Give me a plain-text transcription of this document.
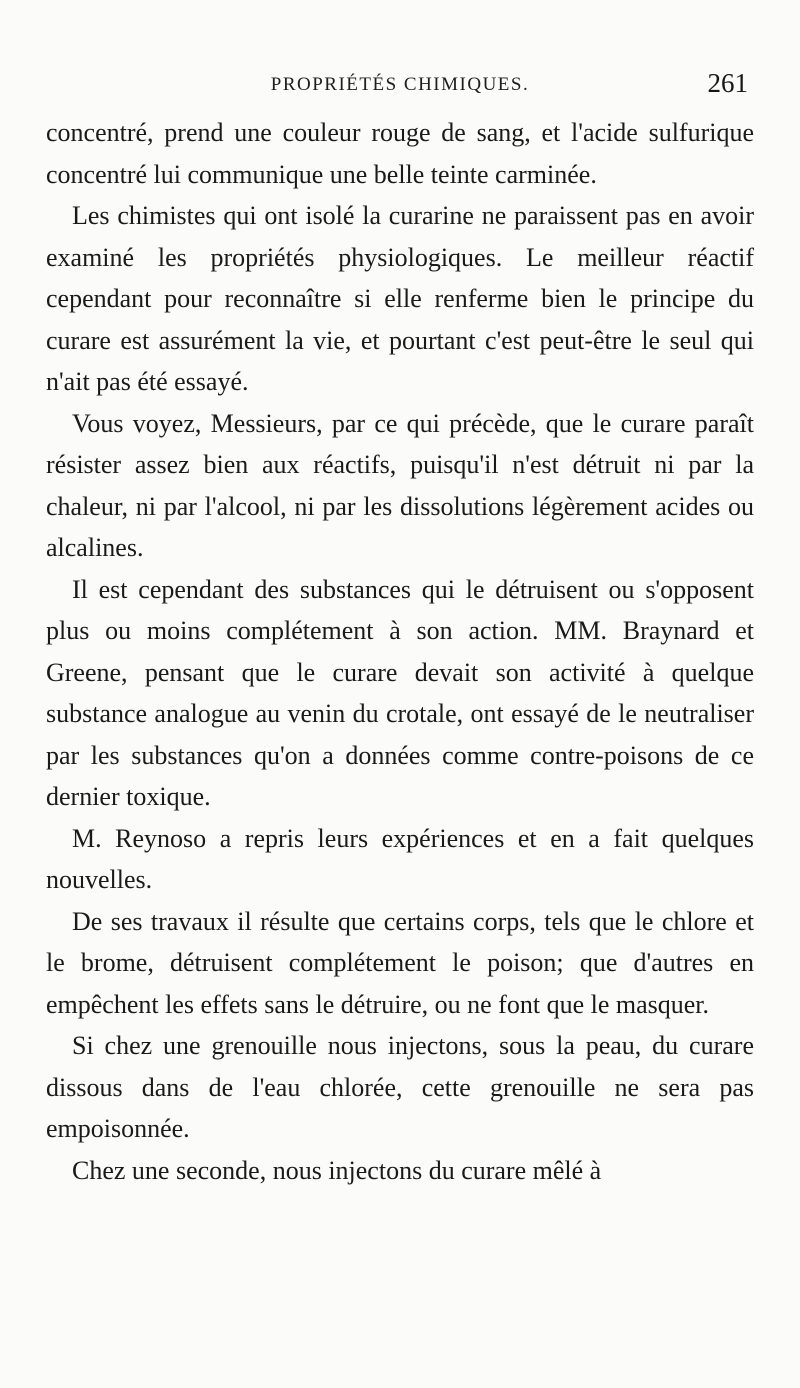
PROPRIÉTÉS CHIMIQUES.	261

concentré, prend une couleur rouge de sang, et l'acide sulfurique concentré lui communique une belle teinte carminée.

Les chimistes qui ont isolé la curarine ne paraissent pas en avoir examiné les propriétés physiologiques. Le meilleur réactif cependant pour reconnaître si elle renferme bien le principe du curare est assurément la vie, et pourtant c'est peut-être le seul qui n'ait pas été essayé.

Vous voyez, Messieurs, par ce qui précède, que le curare paraît résister assez bien aux réactifs, puisqu'il n'est détruit ni par la chaleur, ni par l'alcool, ni par les dissolutions légèrement acides ou alcalines.

Il est cependant des substances qui le détruisent ou s'opposent plus ou moins complétement à son action. MM. Braynard et Greene, pensant que le curare devait son activité à quelque substance analogue au venin du crotale, ont essayé de le neutraliser par les substances qu'on a données comme contre-poisons de ce dernier toxique.

M. Reynoso a repris leurs expériences et en a fait quelques nouvelles.

De ses travaux il résulte que certains corps, tels que le chlore et le brome, détruisent complétement le poison; que d'autres en empêchent les effets sans le détruire, ou ne font que le masquer.

Si chez une grenouille nous injectons, sous la peau, du curare dissous dans de l'eau chlorée, cette grenouille ne sera pas empoisonnée.

Chez une seconde, nous injectons du curare mêlé à
